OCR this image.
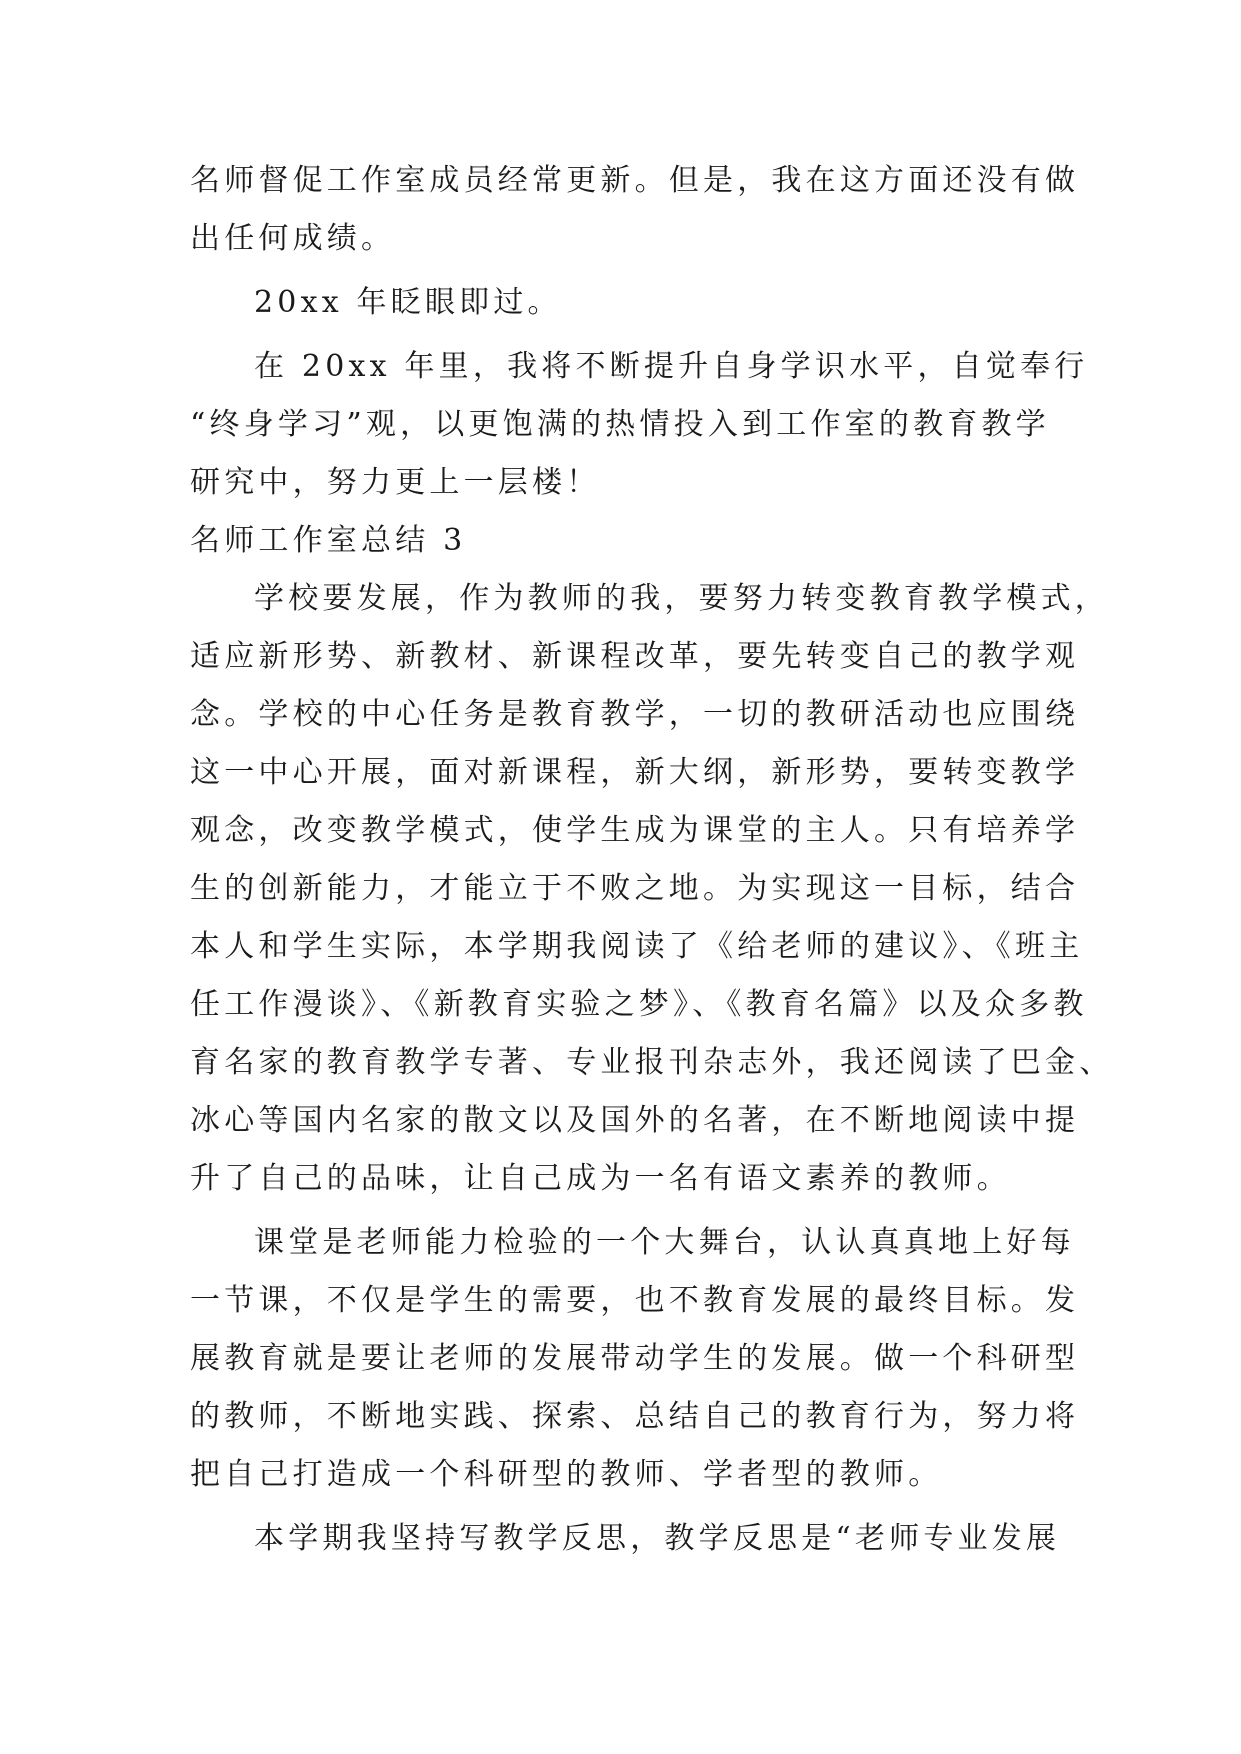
名师督促工作室成员经常更新。但是，我在这方面还没有做
出任何成绩。
20xx 年眨眼即过。
在 20xx 年里，我将不断提升自身学识水平，自觉奉行
“终身学习”观，以更饱满的热情投入到工作室的教育教学
研究中，努力更上一层楼！
名师工作室总结 3
学校要发展，作为教师的我，要努力转变教育教学模式，
适应新形势、新教材、新课程改革，要先转变自己的教学观
念。学校的中心任务是教育教学，一切的教研活动也应围绕
这一中心开展，面对新课程，新大纲，新形势，要转变教学
观念，改变教学模式，使学生成为课堂的主人。只有培养学
生的创新能力，才能立于不败之地。为实现这一目标，结合
本人和学生实际，本学期我阅读了《给老师的建议》、《班主
任工作漫谈》、《新教育实验之梦》、《教育名篇》以及众多教
育名家的教育教学专著、专业报刊杂志外，我还阅读了巴金、
冰心等国内名家的散文以及国外的名著，在不断地阅读中提
升了自己的品味，让自己成为一名有语文素养的教师。
课堂是老师能力检验的一个大舞台，认认真真地上好每
一节课，不仅是学生的需要，也不教育发展的最终目标。发
展教育就是要让老师的发展带动学生的发展。做一个科研型
的教师，不断地实践、探索、总结自己的教育行为，努力将
把自己打造成一个科研型的教师、学者型的教师。
本学期我坚持写教学反思，教学反思是“老师专业发展
